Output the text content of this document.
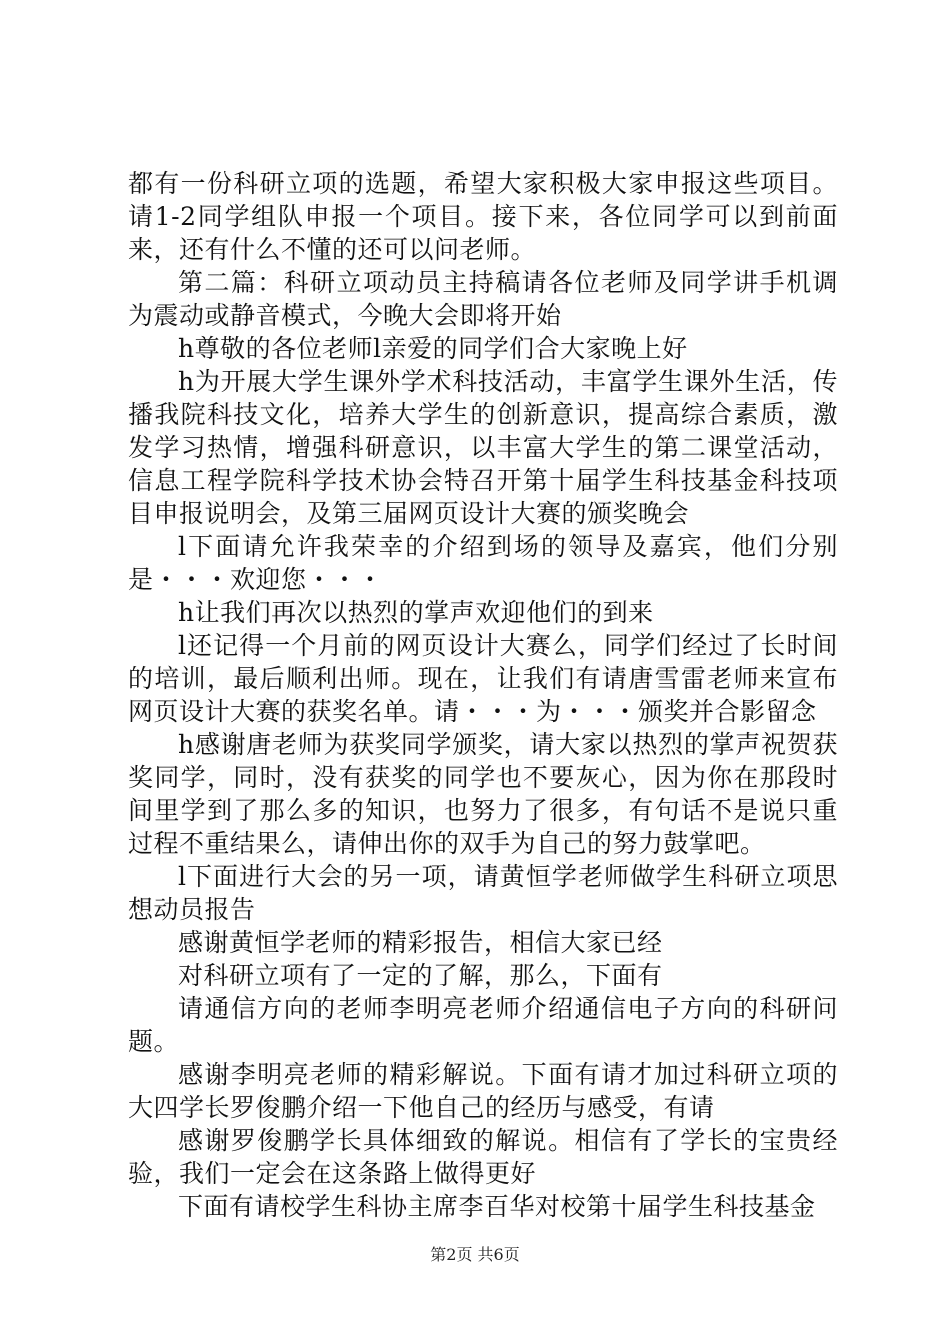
都有一份科研立项的选题，希望大家积极大家申报这些项目。请1-2同学组队申报一个项目。接下来，各位同学可以到前面来，还有什么不懂的还可以问老师。

第二篇：科研立项动员主持稿请各位老师及同学讲手机调为震动或静音模式，今晚大会即将开始

h尊敬的各位老师l亲爱的同学们合大家晚上好

h为开展大学生课外学术科技活动，丰富学生课外生活，传播我院科技文化，培养大学生的创新意识，提高综合素质，激发学习热情，增强科研意识，以丰富大学生的第二课堂活动，信息工程学院科学技术协会特召开第十届学生科技基金科技项目申报说明会，及第三届网页设计大赛的颁奖晚会

l下面请允许我荣幸的介绍到场的领导及嘉宾，他们分别是・・・欢迎您・・・

h让我们再次以热烈的掌声欢迎他们的到来

l还记得一个月前的网页设计大赛么，同学们经过了长时间的培训，最后顺利出师。现在，让我们有请唐雪雷老师来宣布网页设计大赛的获奖名单。请・・・为・・・颁奖并合影留念

h感谢唐老师为获奖同学颁奖，请大家以热烈的掌声祝贺获奖同学，同时，没有获奖的同学也不要灰心，因为你在那段时间里学到了那么多的知识，也努力了很多，有句话不是说只重过程不重结果么，请伸出你的双手为自己的努力鼓掌吧。

l下面进行大会的另一项，请黄恒学老师做学生科研立项思想动员报告

感谢黄恒学老师的精彩报告，相信大家已经

对科研立项有了一定的了解，那么，下面有

请通信方向的老师李明亮老师介绍通信电子方向的科研问题。

感谢李明亮老师的精彩解说。下面有请才加过科研立项的大四学长罗俊鹏介绍一下他自己的经历与感受，有请

感谢罗俊鹏学长具体细致的解说。相信有了学长的宝贵经验，我们一定会在这条路上做得更好

下面有请校学生科协主席李百华对校第十届学生科技基金

第2页 共6页
